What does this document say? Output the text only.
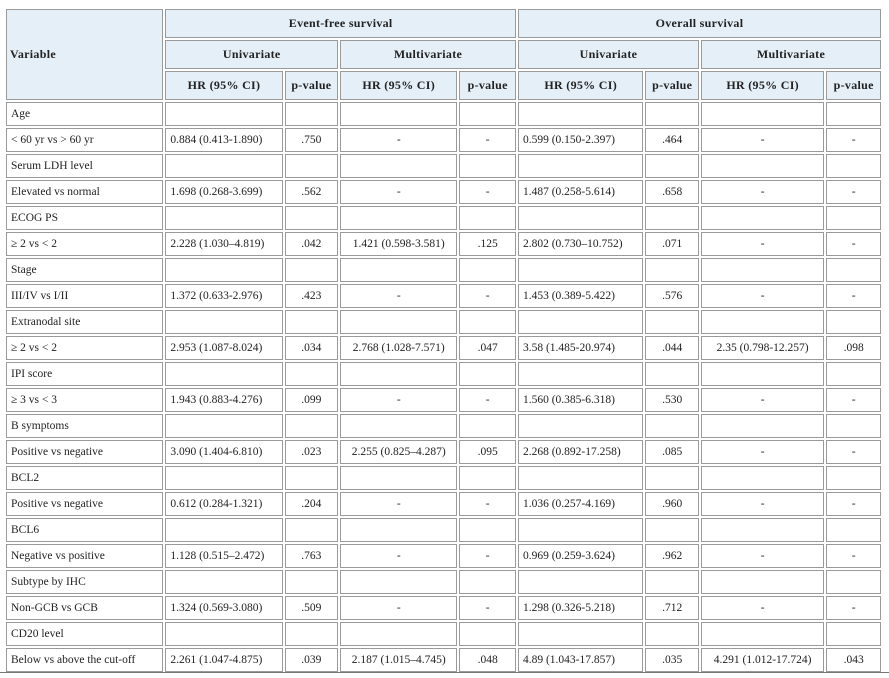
Variable	Event-free survival				Overall survival			
	Univariate		Multivariate		Univariate		Multivariate	
	HR (95% CI)	p-value	HR (95% CI)	p-value	HR (95% CI)	p-value	HR (95% CI)	p-value
Age								
< 60 yr vs > 60 yr	0.884 (0.413-1.890)	.750	-	-	0.599 (0.150-2.397)	.464	-	-
Serum LDH level								
Elevated vs normal	1.698 (0.268-3.699)	.562	-	-	1.487 (0.258-5.614)	.658	-	-
ECOG PS								
≥ 2 vs < 2	2.228 (1.030–4.819)	.042	1.421 (0.598-3.581)	.125	2.802 (0.730–10.752)	.071	-	-
Stage								
III/IV vs I/II	1.372 (0.633-2.976)	.423	-	-	1.453 (0.389-5.422)	.576	-	-
Extranodal site								
≥ 2 vs < 2	2.953 (1.087-8.024)	.034	2.768 (1.028-7.571)	.047	3.58 (1.485-20.974)	.044	2.35 (0.798-12.257)	.098
IPI score								
≥ 3 vs < 3	1.943 (0.883-4.276)	.099	-	-	1.560 (0.385-6.318)	.530	-	-
B symptoms								
Positive vs negative	3.090 (1.404-6.810)	.023	2.255 (0.825–4.287)	.095	2.268 (0.892-17.258)	.085	-	-
BCL2								
Positive vs negative	0.612 (0.284-1.321)	.204	-	-	1.036 (0.257-4.169)	.960	-	-
BCL6								
Negative vs positive	1.128 (0.515–2.472)	.763	-	-	0.969 (0.259-3.624)	.962	-	-
Subtype by IHC								
Non-GCB vs GCB	1.324 (0.569-3.080)	.509	-	-	1.298 (0.326-5.218)	.712	-	-
CD20 level								
Below vs above the cut-off	2.261 (1.047-4.875)	.039	2.187 (1.015–4.745)	.048	4.89 (1.043-17.857)	.035	4.291 (1.012-17.724)	.043
